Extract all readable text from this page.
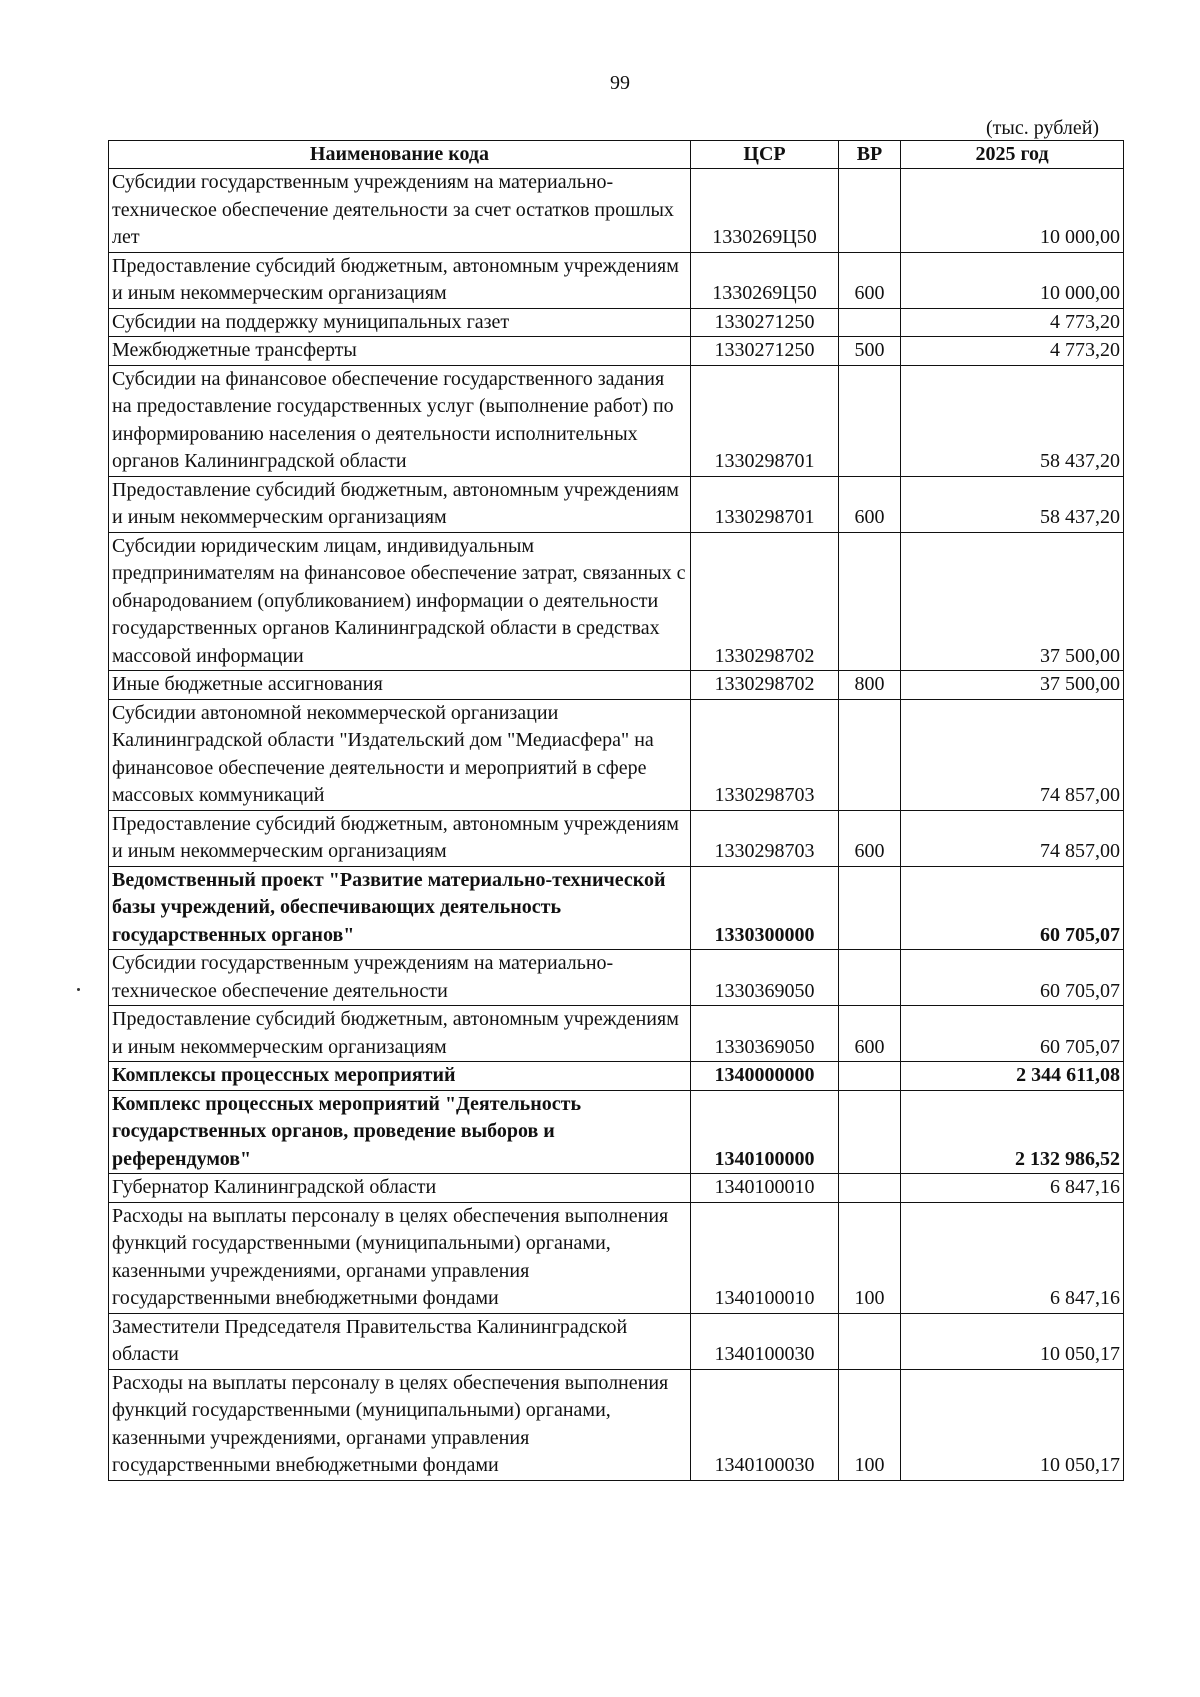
99
(тыс. рублей)
Наименование кода	ЦСР	ВР	2025 год
Субсидии государственным учреждениям на материально-техническое обеспечение деятельности за счет остатков прошлых лет	1330269Ц50		10 000,00
Предоставление субсидий бюджетным, автономным учреждениям и иным некоммерческим организациям	1330269Ц50	600	10 000,00
Субсидии на поддержку муниципальных газет	1330271250		4 773,20
Межбюджетные трансферты	1330271250	500	4 773,20
Субсидии на финансовое обеспечение государственного задания на предоставление государственных услуг (выполнение работ) по информированию населения о деятельности исполнительных органов Калининградской области	1330298701		58 437,20
Предоставление субсидий бюджетным, автономным учреждениям и иным некоммерческим организациям	1330298701	600	58 437,20
Субсидии юридическим лицам, индивидуальным предпринимателям на финансовое обеспечение затрат, связанных с обнародованием (опубликованием) информации о деятельности государственных органов Калининградской области в средствах массовой информации	1330298702		37 500,00
Иные бюджетные ассигнования	1330298702	800	37 500,00
Субсидии автономной некоммерческой организации Калининградской области "Издательский дом "Медиасфера" на финансовое обеспечение деятельности и мероприятий в сфере массовых коммуникаций	1330298703		74 857,00
Предоставление субсидий бюджетным, автономным учреждениям и иным некоммерческим организациям	1330298703	600	74 857,00
Ведомственный проект "Развитие материально-технической базы учреждений, обеспечивающих деятельность государственных органов"	1330300000		60 705,07
Субсидии государственным учреждениям на материально-техническое обеспечение деятельности	1330369050		60 705,07
Предоставление субсидий бюджетным, автономным учреждениям и иным некоммерческим организациям	1330369050	600	60 705,07
Комплексы процессных мероприятий	1340000000		2 344 611,08
Комплекс процессных мероприятий "Деятельность государственных органов, проведение выборов и референдумов"	1340100000		2 132 986,52
Губернатор Калининградской области	1340100010		6 847,16
Расходы на выплаты персоналу в целях обеспечения выполнения функций государственными (муниципальными) органами, казенными учреждениями, органами управления государственными внебюджетными фондами	1340100010	100	6 847,16
Заместители Председателя Правительства Калининградской области	1340100030		10 050,17
Расходы на выплаты персоналу в целях обеспечения выполнения функций государственными (муниципальными) органами, казенными учреждениями, органами управления государственными внебюджетными фондами	1340100030	100	10 050,17
